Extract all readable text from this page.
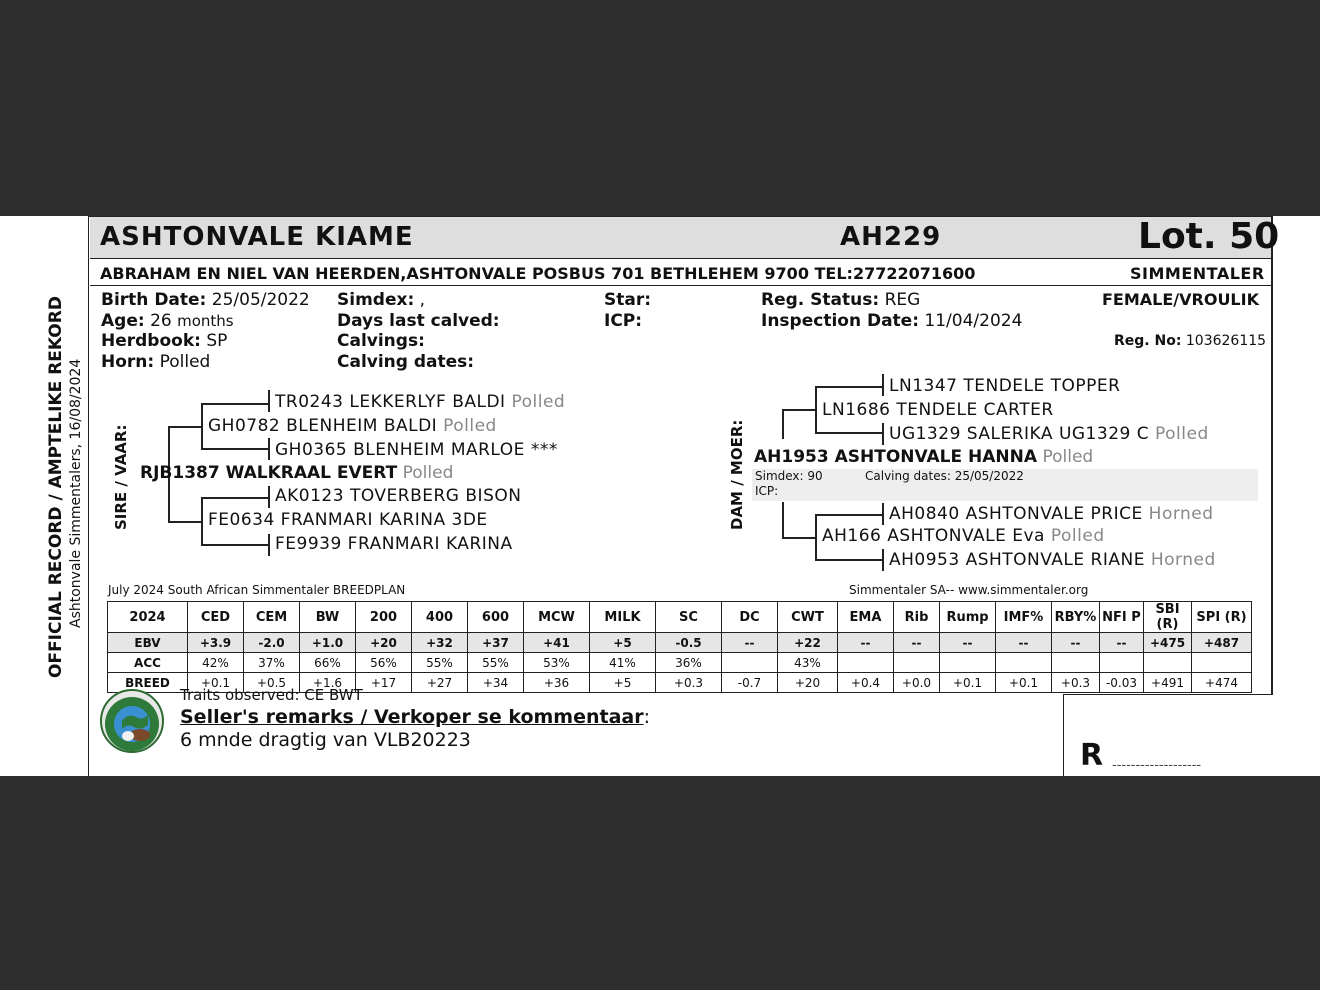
ASHTONVALE KIAME	AH229	Lot. 50
ABRAHAM EN NIEL VAN HEERDEN,ASHTONVALE POSBUS 701 BETHLEHEM 9700 TEL:27722071600	SIMMENTALER
Birth Date: 25/05/2022
Age: 26 months
Herdbook: SP
Horn: Polled
Simdex: ,
Days last calved:
Calvings:
Calving dates:
Star:
ICP:
Reg. Status: REG
Inspection Date: 11/04/2024
FEMALE/VROULIK
Reg. No: 103626115
OFFICIAL RECORD / AMPTELIKE REKORD Ashtonvale Simmentalers, 16/08/2024 SIRE / VAAR:
TR0243 LEKKERLYF BALDI Polled
GH0782 BLENHEIM BALDI Polled
GH0365 BLENHEIM MARLOE ***
RJB1387 WALKRAAL EVERT Polled
AK0123 TOVERBERG BISON
FE0634 FRANMARI KARINA 3DE
FE9939 FRANMARI KARINA
DAM / MOER:
LN1347 TENDELE TOPPER
LN1686 TENDELE CARTER
UG1329 SALERIKA UG1329 C Polled
AH1953 ASHTONVALE HANNA Polled
Simdex: 90	Calving dates: 25/05/2022
ICP:
AH0840 ASHTONVALE PRICE Horned
AH166 ASHTONVALE Eva Polled
AH0953 ASHTONVALE RIANE Horned
July 2024 South African Simmentaler BREEDPLAN	Simmentaler SA-- www.simmentaler.org
2024	CED	CEM	BW	200	400	600	MCW	MILK	SC	DC	CWT	EMA	Rib	Rump	IMF%	RBY%	NFI P	SBI (R)	SPI (R)
EBV	+3.9	-2.0	+1.0	+20	+32	+37	+41	+5	-0.5	--	+22	--	--	--	--	--	--	+475	+487
ACC	42%	37%	66%	56%	55%	55%	53%	41%	36%		43%								
BREED	+0.1	+0.5	+1.6	+17	+27	+34	+36	+5	+0.3	-0.7	+20	+0.4	+0.0	+0.1	+0.1	+0.3	-0.03	+491	+474
Traits observed: CE BWT
Seller's remarks / Verkoper se kommentaar:
6 mnde dragtig van VLB20223	R -------------------
